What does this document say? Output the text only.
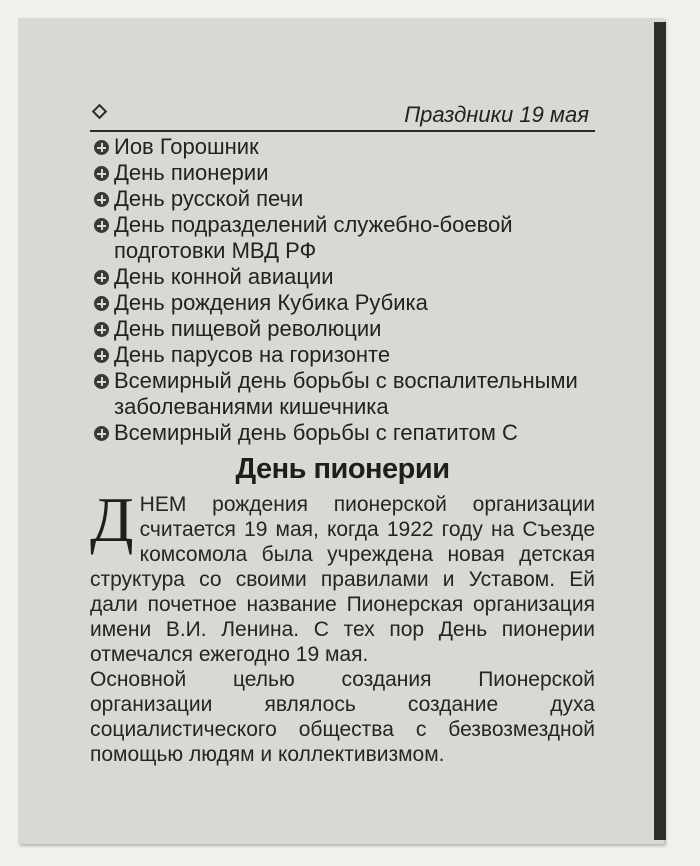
Праздники 19 мая
Иов Горошник
День пионерии
День русской печи
День подразделений служебно-боевой подготовки МВД РФ
День конной авиации
День рождения Кубика Рубика
День пищевой революции
День парусов на горизонте
Всемирный день борьбы с воспалительными заболеваниями кишечника
Всемирный день борьбы с гепатитом С
День пионерии

ДНЕМ рождения пионерской организации считается 19 мая, когда 1922 году на Съезде комсомола была учреждена новая детская структура со своими правилами и Уставом. Ей дали почетное название Пионерская организация имени В.И. Ленина. С тех пор День пионерии отмечался ежегодно 19 мая.

Основной целью создания Пионерской организации являлось создание духа социалистического общества с безвозмездной помощью людям и коллективизмом.
